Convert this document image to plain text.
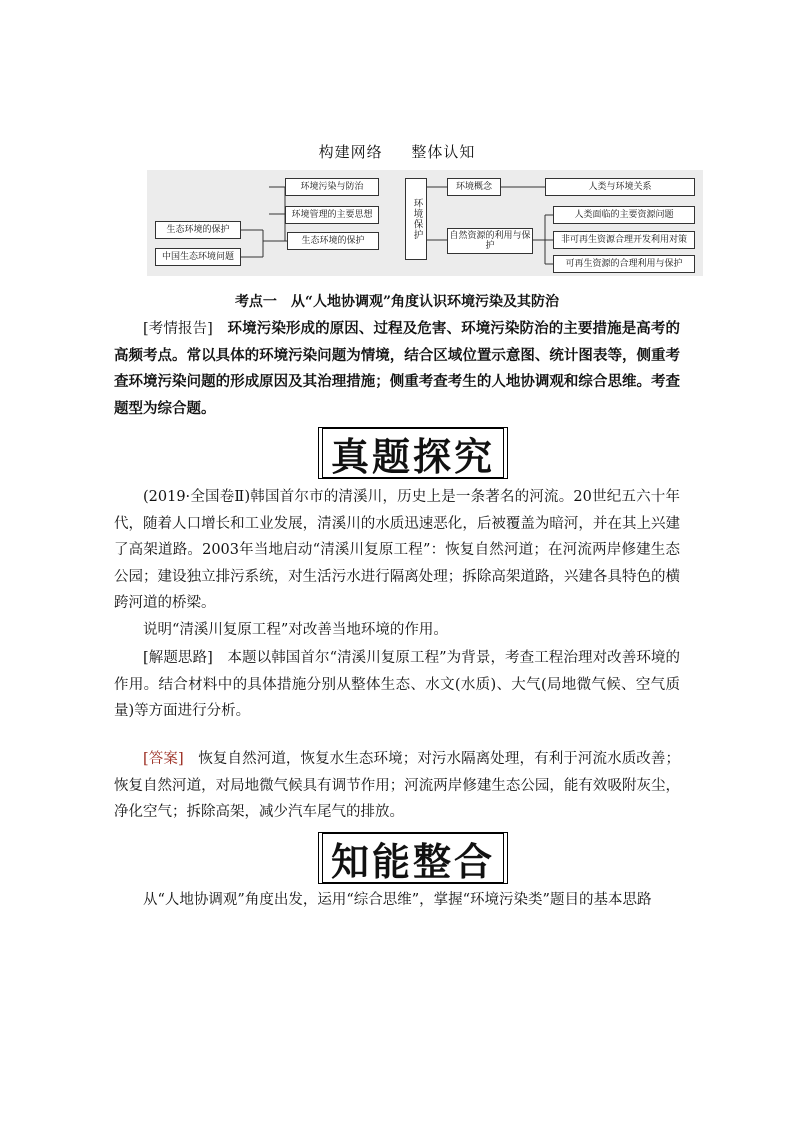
构建网络 整体认知
环境污染与防治
环境管理的主要思想
生态环境的保护
生态环境的保护
中国生态环境问题
环境保护
环境概念
自然资源的利用与保护
人类与环境关系
人类面临的主要资源问题
非可再生资源合理开发利用对策
可再生资源的合理利用与保护
考点一　从“人地协调观”角度认识环境污染及其防治
[考情报告]　 环境污染形成的原因、过程及危害、环境污染防治的主要措施是高考的高频考点。常以具体的环境污染问题为情境，结合区域位置示意图、统计图表等，侧重考查环境污染问题的形成原因及其治理措施；侧重考查考生的人地协调观和综合思维。考查题型为综合题。
真题探究
(2019·全国卷Ⅱ)韩国首尔市的清溪川，历史上是一条著名的河流。20世纪五六十年代，随着人口增长和工业发展，清溪川的水质迅速恶化，后被覆盖为暗河，并在其上兴建了高架道路。2003年当地启动“清溪川复原工程”：恢复自然河道；在河流两岸修建生态公园；建设独立排污系统，对生活污水进行隔离处理；拆除高架道路，兴建各具特色的横跨河道的桥梁。
说明“清溪川复原工程”对改善当地环境的作用。
[解题思路]　 本题以韩国首尔“清溪川复原工程”为背景，考查工程治理对改善环境的作用。结合材料中的具体措施分别从整体生态、水文(水质)、大气(局地微气候、空气质量)等方面进行分析。
[答案]　 恢复自然河道，恢复水生态环境；对污水隔离处理，有利于河流水质改善；恢复自然河道，对局地微气候具有调节作用；河流两岸修建生态公园，能有效吸附灰尘，净化空气；拆除高架，减少汽车尾气的排放。
知能整合
从“人地协调观”角度出发，运用“综合思维”，掌握“环境污染类”题目的基本思路
